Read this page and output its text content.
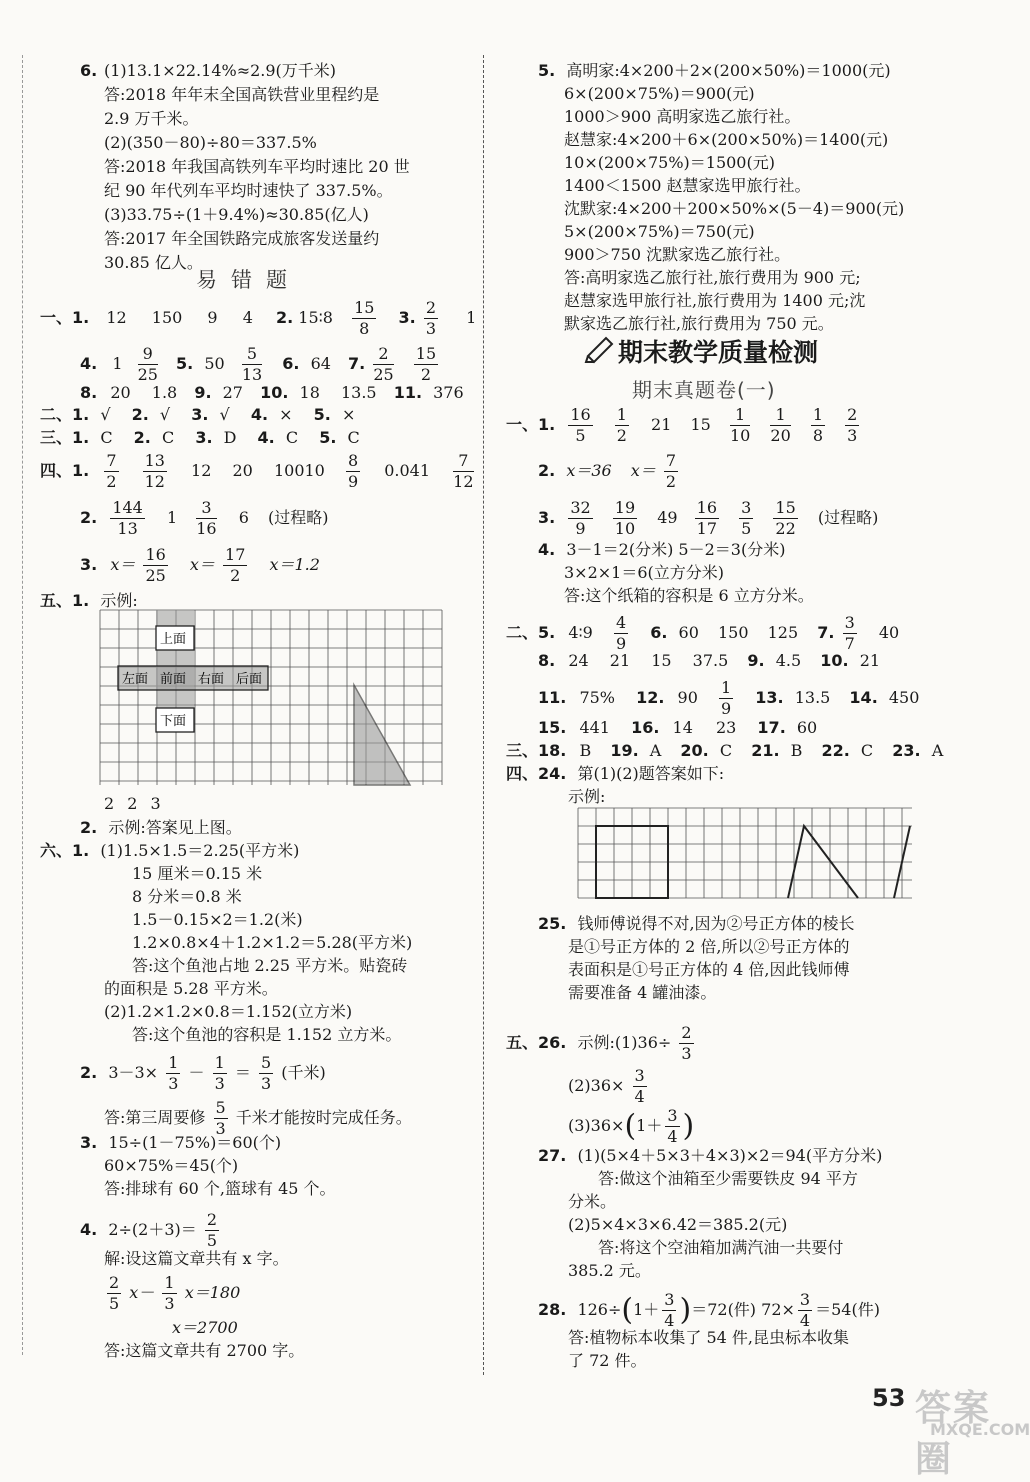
6. (1)13.1×22.14%≈2.9(万千米)
答:2018 年年末全国高铁营业里程约是
2.9 万千米。
(2)(350－80)÷80＝337.5%
答:2018 年我国高铁列车平均时速比 20 世
纪 90 年代列车平均时速快了 337.5%。
(3)33.75÷(1＋9.4%)≈30.85(亿人)
答:2017 年全国铁路完成旅客发送量约
30.85 亿人。
易错题
一、1. 12 150 9 4 2. 15∶8 $\frac{15}{8} 3$. $\frac{2}{3} 1$
4. $1 \frac{9}{25} 5$. $50 \frac{5}{13} 6$. 64 7. $\frac{2}{25}$
$\frac{15}{2}$
8. 20 1.8 9. 27 10. 18 13.5 11. 376
二、1. √ 2. √ 3. √ 4. × 5. ×
三、1. C 2. C 3. D 4. C 5. C
四、1. $\frac{7}{2}$
$\frac{13}{12} 12$ 20 $10010 \frac{8}{9} 0.041 \frac{7}{12}$
2. $\frac{144}{13} 1 \frac{3}{16} 6$ (过程略)
3. $x= \frac{16}{25} x= \frac{17}{2} x=1.2$
五、1. 示例:
上面
左面 前面 右面 后面
下面
2 2 3
2. 示例:答案见上图。
六、1. (1)1.5×1.5＝2.25(平方米)
15 厘米＝0.15 米
8 分米＝0.8 米
1.5－0.15×2＝1.2(米)
1.2×0.8×4＋1.2×1.2＝5.28(平方米)
答:这个鱼池占地 2.25 平方米。贴瓷砖
的面积是 5.28 平方米。
(2)1.2×1.2×0.8＝1.152(立方米)
答:这个鱼池的容积是 1.152 立方米。
2. $3-3\times \frac{1}{3} - \frac{1}{3} = \frac{5}{3}$ (千米)
答:第三周要修 $\frac{5}{3}$ 千米才能按时完成任务。
3. 15÷(1－75%)＝60(个)
60×75%＝45(个)
答:排球有 60 个,篮球有 45 个。
4. $2\div(2+3)= \frac{2}{5}$
解:设这篇文章共有 x 字。
$\frac{2}{5} x- \frac{1}{3} x=180$
x＝2700
答:这篇文章共有 2700 字。
5. 高明家:4×200＋2×(200×50%)＝1000(元)
6×(200×75%)＝900(元)
1000＞900 高明家选乙旅行社。
赵慧家:4×200＋6×(200×50%)＝1400(元)
10×(200×75%)＝1500(元)
1400＜1500 赵慧家选甲旅行社。
沈默家:4×200＋200×50%×(5－4)＝900(元)
5×(200×75%)＝750(元)
900＞750 沈默家选乙旅行社。
答:高明家选乙旅行社,旅行费用为 900 元;
赵慧家选甲旅行社,旅行费用为 1400 元;沈
默家选乙旅行社,旅行费用为 750 元。
期末教学质量检测
期末真题卷(一)
一、1. $\frac{16}{5}$
$\frac{1}{2} 21$ $15 \frac{1}{10}$
$\frac{1}{20}$
$\frac{1}{8}$
$\frac{2}{3}$
2. x＝36 $x= \frac{7}{2}$
3. $\frac{32}{9}$
$\frac{19}{10} 49 \frac{16}{17}$
$\frac{3}{5}$
$\frac{15}{22}$ (过程略)
4. 3－1＝2(分米) 5－2＝3(分米)
3×2×1＝6(立方分米)
答:这个纸箱的容积是 6 立方分米。
二、5. 4∶9 $\frac{4}{9} 6$. 60 150 125 7. $\frac{3}{7} 40$
8. 24 21 15 37.5 9. 4.5 10. 21
11. 75% 12. $90 \frac{1}{9} 13$. 13.5 14. 450
15. 441 16. 14 23 17. 60
三、18. B 19. A 20. C 21. B 22. C 23. A
四、24. 第(1)(2)题答案如下:
示例:
25. 钱师傅说得不对,因为②号正方体的棱长
是①号正方体的 2 倍,所以②号正方体的
表面积是①号正方体的 4 倍,因此钱师傅
需要准备 4 罐油漆。
五、26. 示例:(1)36÷ $\frac{2}{3}$
$(2)36\times \frac{3}{4}$
$(3)36\times(1+ \frac{3}{4}$ )
27. (1)(5×4＋5×3＋4×3)×2＝94(平方分米)
答:做这个油箱至少需要铁皮 94 平方
分米。
(2)5×4×3×6.42＝385.2(元)
答:将这个空油箱加满汽油一共要付
385.2 元。
28. $126\div(1+ \frac{3}{4} )=72$(件) $72\times \frac{3}{4} =54$(件)
答:植物标本收集了 54 件,昆虫标本收集
了 72 件。
53 答案圈
MXQE.COM
